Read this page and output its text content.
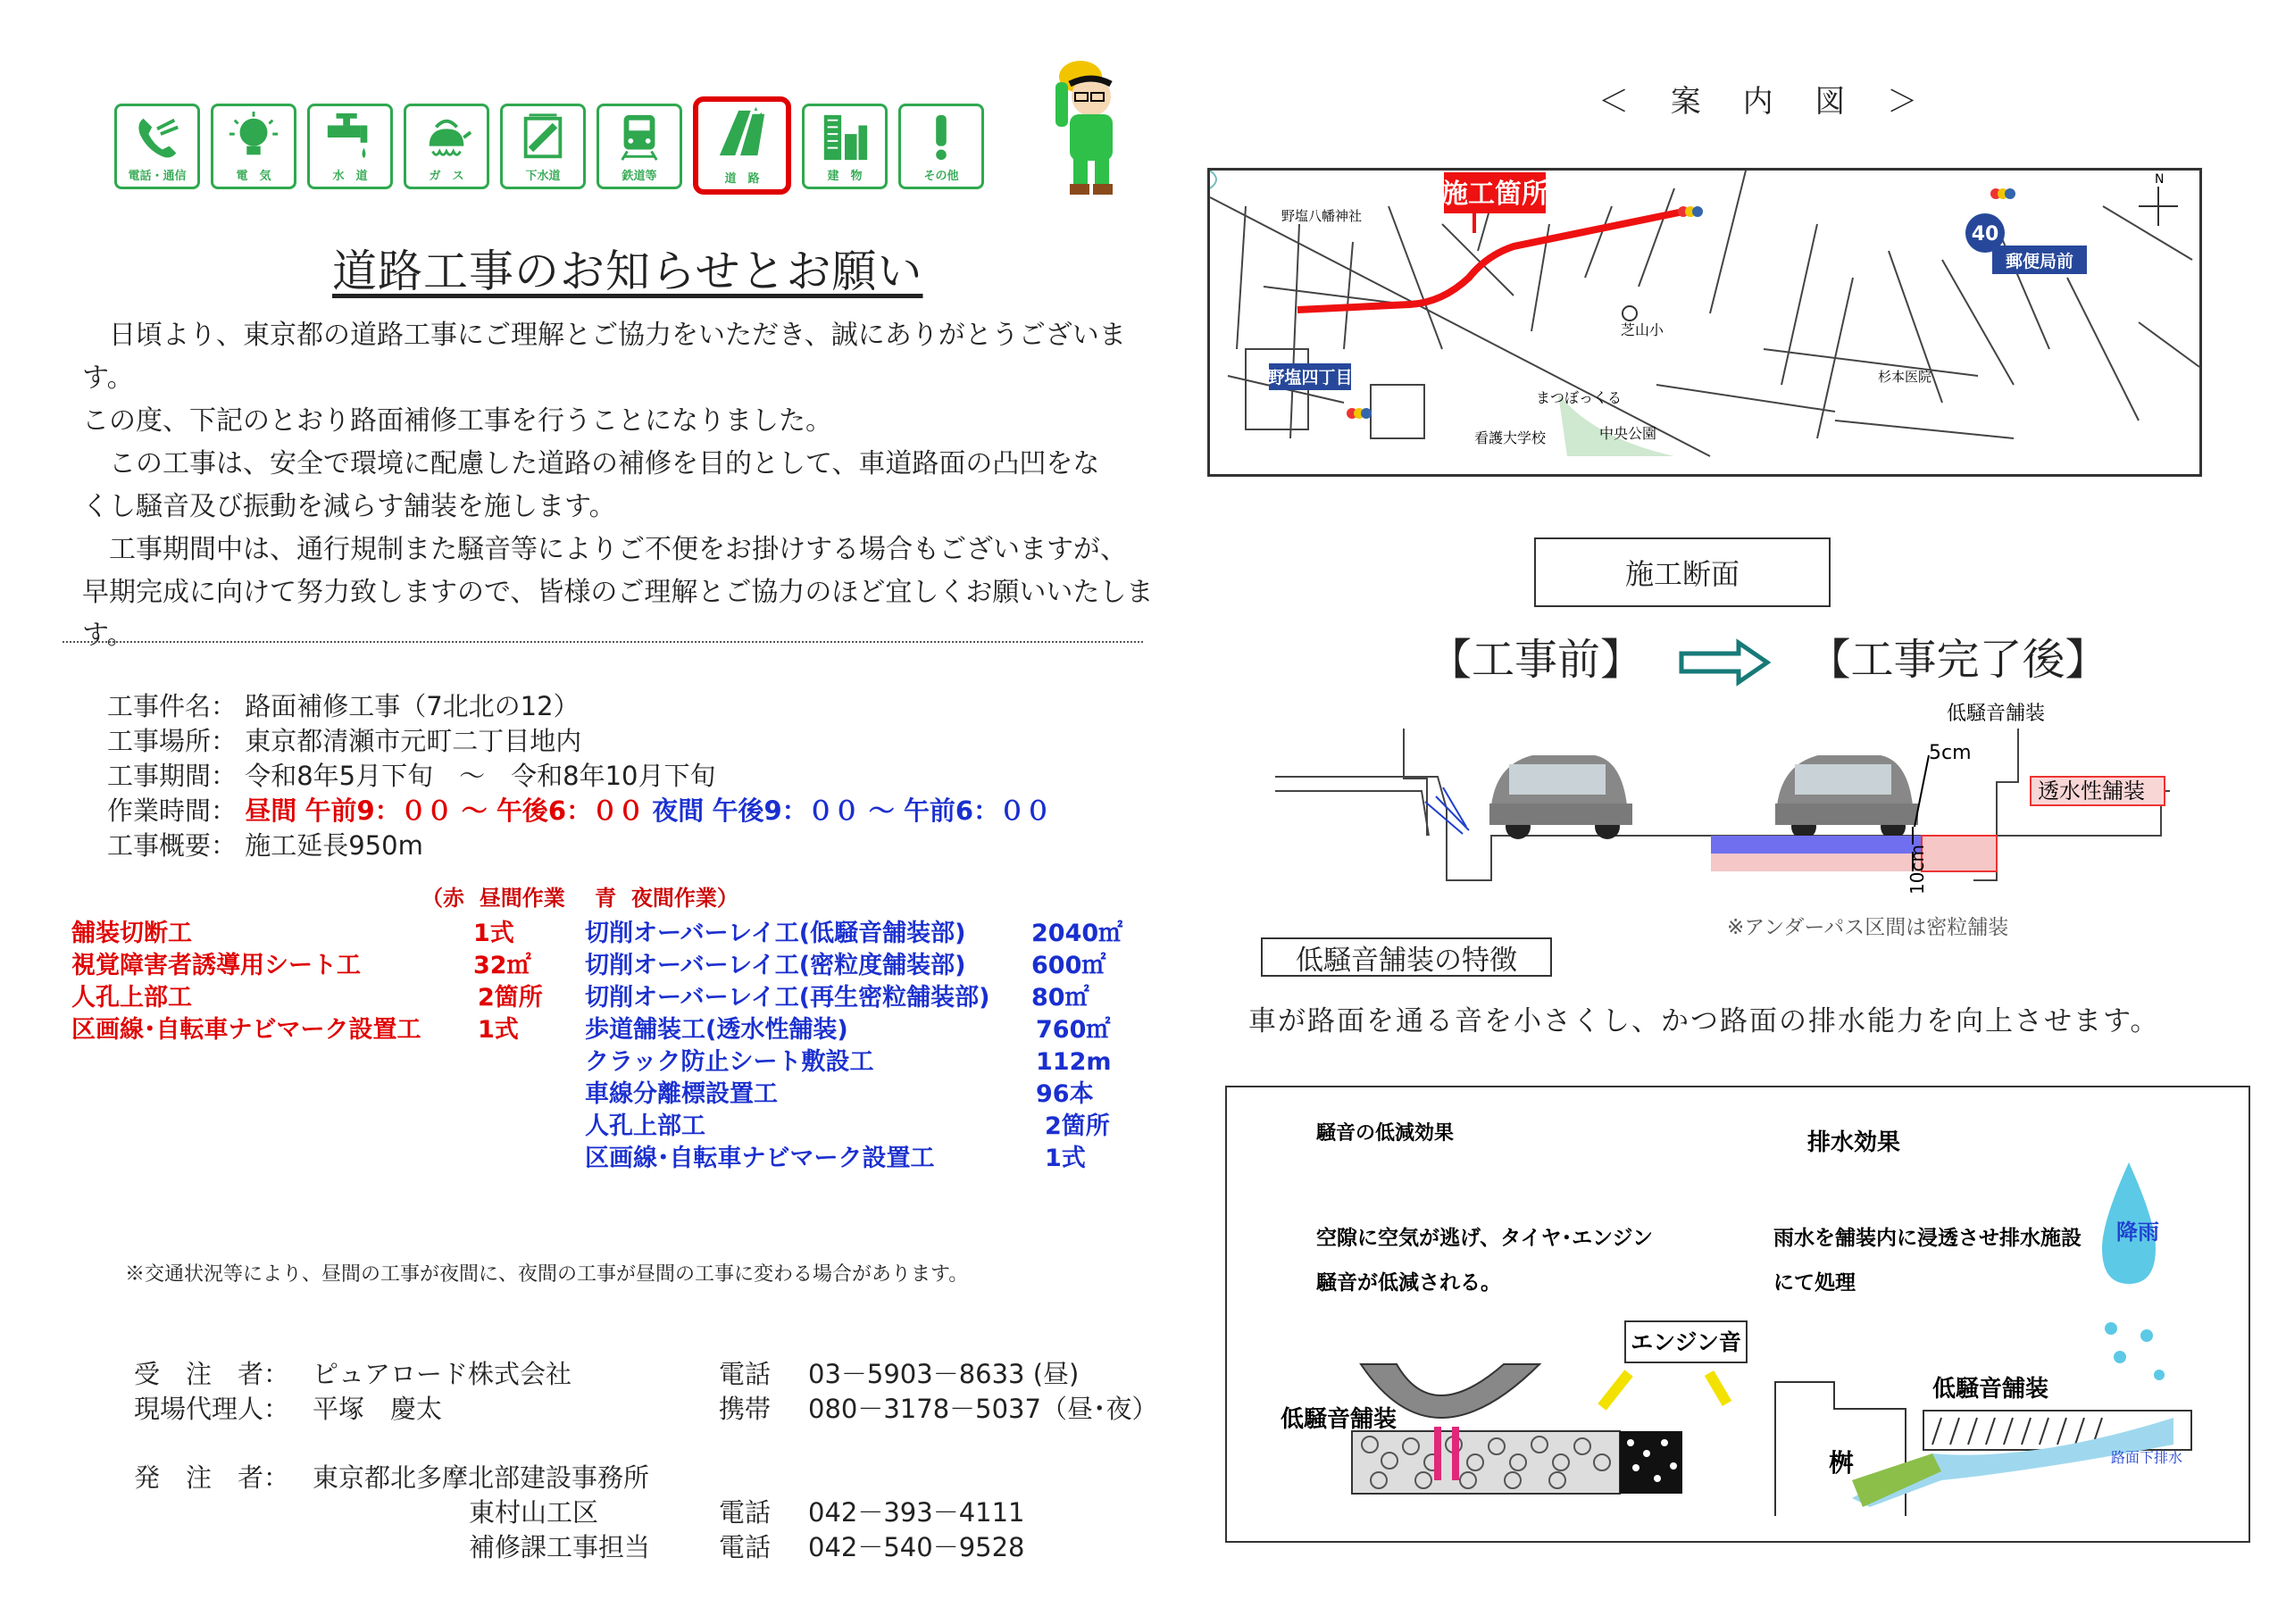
電話・通信	電　気	水　道	ガ　ス	下水道	鉄道等	道　路	建　物	その他
道路工事のお知らせとお願い

　日頃より、東京都の道路工事にご理解とご協力をいただき、誠にありがとうございます。

この度、下記のとおり路面補修工事を行うことになりました。

　この工事は、安全で環境に配慮した道路の補修を目的として、車道路面の凸凹をな

くし騒音及び振動を減らす舗装を施します。

　工事期間中は、通行規制また騒音等によりご不便をお掛けする場合もございますが、

早期完成に向けて努力致しますので、皆様のご理解とご協力のほど宜しくお願いいたしま

す。

工事件名： 路面補修工事（7北北の12）
工事場所： 東京都清瀬市元町二丁目地内
工事期間： 令和8年5月下旬　～　令和8年10月下旬
作業時間： 昼間 午前9：００ ～ 午後6：００ 夜間 午後9：００ ～ 午前6：００
工事概要： 施工延長950m
（赤 昼間作業 青 夜間作業）
舗装切断工	1式
視覚障害者誘導用シート工	32㎡
人孔上部工	2箇所
区画線･自転車ナビマーク設置工	1式
切削オーバーレイ工(低騒音舗装部)	2040㎡
切削オーバーレイ工(密粒度舗装部)	600㎡
切削オーバーレイ工(再生密粒舗装部)	80㎡
歩道舗装工(透水性舗装)	760㎡
クラック防止シート敷設工	112m
車線分離標設置工	96本
人孔上部工	2箇所
区画線･自転車ナビマーク設置工	1式
※交通状況等により、昼間の工事が夜間に、夜間の工事が昼間の工事に変わる場合があります。
受　注　者： ピュアロード株式会社	電話	03－5903－8633 (昼)
現場代理人： 平塚　慶太	携帯	080－3178－5037（昼･夜）
発　注　者： 東京都北多摩北部建設事務所
東村山工区	電話	042－393－4111
補修課工事担当	電話	042－540－9528
＜ 案 内 図 ＞
施工箇所
野塩八幡神社
野塩四丁目
芝山小
まつぼっくる
看護大学校	中央公園
杉本医院
40
郵便局前
N
施工断面
【工事前】	【工事完了後】
低騒音舗装
5cm
透水性舗装
10cm
※アンダーパス区間は密粒舗装
低騒音舗装の特徴
車が路面を通る音を小さくし、かつ路面の排水能力を向上させます。
騒音の低減効果
空隙に空気が逃げ、タイヤ･エンジン
騒音が低減される。
低騒音舗装
エンジン音
排水効果
雨水を舗装内に浸透させ排水施設
にて処理
桝
低騒音舗装
路面下排水
降雨
